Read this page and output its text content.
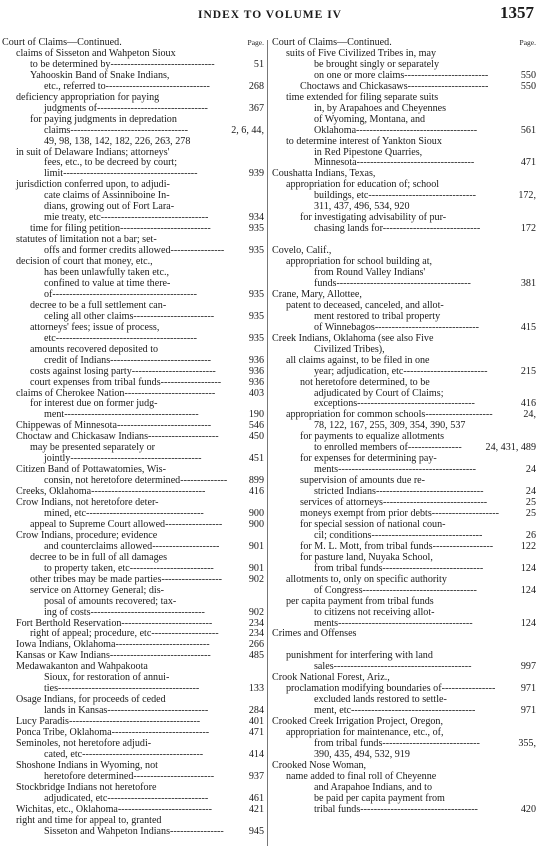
INDEX TO VOLUME IV	1357
Court of Claims—Continued.	Page.
claims of Sisseton and Wahpeton Sioux
to be determined by-------------------------------	51
Yahooskin Band of Snake Indians,
etc., referred to-------------------------------	268
deficiency appropriation for paying
judgments of---------------------------------	367
for paying judgments in depredation
claims-----------------------------------	2, 6, 44,
49, 98, 138, 142, 182, 226, 263, 278
in suit of Delaware Indians; attorneys'
fees, etc., to be decreed by court;
limit----------------------------------------	939
jurisdiction conferred upon, to adjudi-
cate claims of Assinniboine In-
dians, growing out of Fort Lara-
mie treaty, etc--------------------------------	934
time for filing petition---------------------------	935
statutes of limitation not a bar; set-
offs and former credits allowed---------------- 935
decision of court that money, etc.,
has been unlawfully taken etc.,
confined to value at time there-
of-------------------------------------------	935
decree to be a full settlement can-
celing all other claims------------------------	935
attorneys' fees; issue of process,
etc------------------------------------------	935
amounts recovered deposited to
credit of Indians------------------------------	936
costs against losing party-------------------------	936
court expenses from tribal funds------------------	936
claims of Cherokee Nation---------------------------	403
for interest due on former judg-
ment----------------------------------------	190
Chippewas of Minnesota----------------------------	546
Choctaw and Chickasaw Indians---------------------	450
may be presented separately or
jointly---------------------------------------	451
Citizen Band of Pottawatomies, Wis-
consin, not heretofore determined-------------- 899
Creeks, Oklahoma----------------------------------	416
Crow Indians, not heretofore deter-
mined, etc-----------------------------------	900
appeal to Supreme Court allowed-----------------	900
Crow Indians, procedure; evidence
and counterclaims allowed--------------------	901
decree to be in full of all damages
to property taken, etc-------------------------	901
other tribes may be made parties------------------	902
service on Attorney General; dis-
posal of amounts recovered; tax-
ing of costs----------------------------------	902
Fort Berthold Reservation---------------------------	234
right of appeal; procedure, etc--------------------	234
Iowa Indians, Oklahoma----------------------------	266
Kansas or Kaw Indians------------------------------	485
Medawakanton and Wahpakoota
Sioux, for restoration of annui-
ties------------------------------------------	133
Osage Indians, for proceeds of ceded
lands in Kansas------------------------------	284
Lucy Paradis---------------------------------------	401
Ponca Tribe, Oklahoma-----------------------------	471
Seminoles, not heretofore adjudi-
cated, etc------------------------------------	414
Shoshone Indians in Wyoming, not
heretofore determined------------------------	937
Stockbridge Indians not heretofore
adjudicated, etc------------------------------	461
Wichitas, etc., Oklahoma----------------------------	421
right and time for appeal to, granted
Sisseton and Wahpeton Indians---------------- 945
Court of Claims—Continued.	Page.
suits of Five Civilized Tribes in, may
be brought singly or separately
on one or more claims-------------------------	550
Choctaws and Chickasaws------------------------	550
time extended for filing separate suits
in, by Arapahoes and Cheyennes
of Wyoming, Montana, and
Oklahoma------------------------------------	561
to determine interest of Yankton Sioux
in Red Pipestone Quarries,
Minnesota-----------------------------------	471
Coushatta Indians, Texas,
appropriation for education of; school
buildings, etc--------------------------------	172,
311, 437, 496, 534, 920
for investigating advisability of pur-
chasing lands for-----------------------------	172

Covelo, Calif.,
appropriation for school building at,
from Round Valley Indians'
funds----------------------------------------	381
Crane, Mary, Allottee,
patent to deceased, canceled, and allot-
ment restored to tribal property
of Winnebagos-------------------------------	415
Creek Indians, Oklahoma (see also Five
Civilized Tribes),
all claims against, to be filed in one
year; adjudication, etc-------------------------	215
not heretofore determined, to be
adjudicated by Court of Claims;
exceptions-----------------------------------	416
appropriation for common schools--------------------	24,
78, 122, 167, 255, 309, 354, 390, 537
for payments to equalize allotments
to enrolled members of---------------- 24, 431, 489
for expenses for determining pay-
ments-----------------------------------------	24
supervision of amounts due re-
stricted Indians--------------------------------	24
services of attorneys-------------------------------	25
moneys exempt from prior debts--------------------	25
for special session of national coun-
cil; conditions---------------------------------	26
for M. L. Mott, from tribal funds------------------	122
for pasture land, Nuyaka School,
from tribal funds------------------------------	124
allotments to, only on specific authority
of Congress----------------------------------	124
per capita payment from tribal funds
to citizens not receiving allot-
ments----------------------------------------	124
Crimes and Offenses

punishment for interfering with land
sales-----------------------------------------	997
Crook National Forest, Ariz.,
proclamation modifying boundaries of----------------	971
excluded lands restored to settle-
ment, etc-------------------------------------	971
Crooked Creek Irrigation Project, Oregon,
appropriation for maintenance, etc., of,
from tribal funds-----------------------------	355,
390, 435, 494, 532, 919
Crooked Nose Woman,
name added to final roll of Cheyenne
and Arapahoe Indians, and to
be paid per capita payment from
tribal funds-----------------------------------	420
